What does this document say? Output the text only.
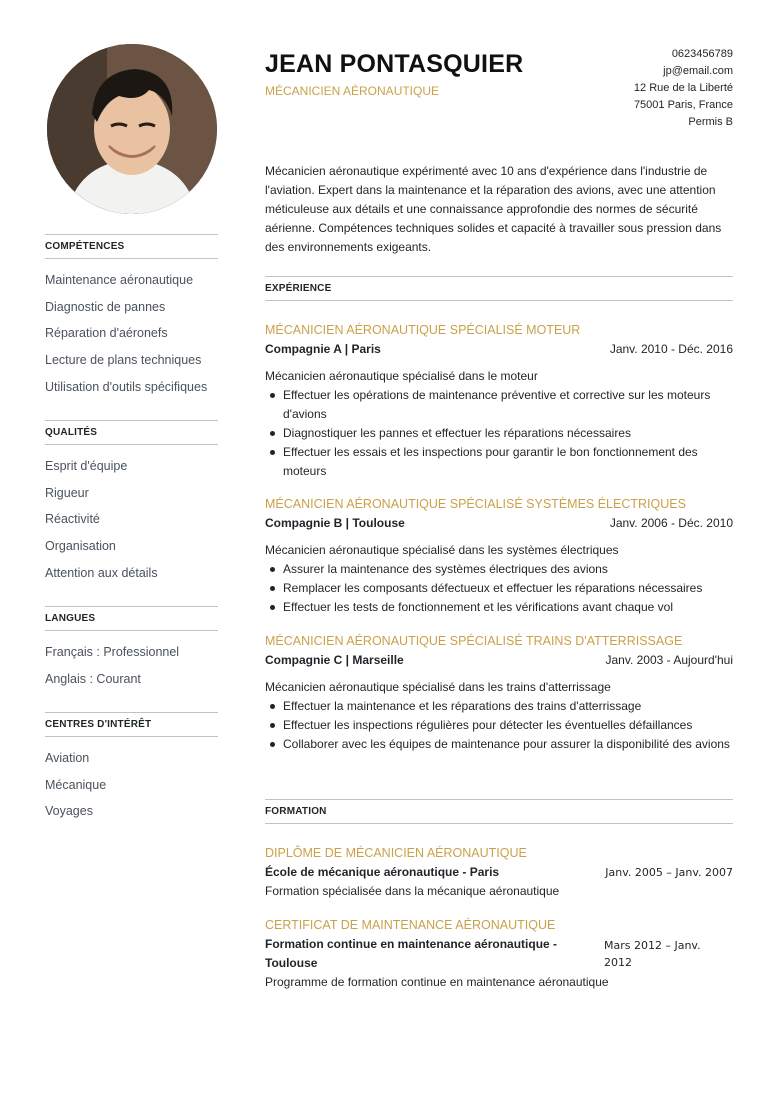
COMPÉTENCES
Maintenance aéronautique
Diagnostic de pannes
Réparation d'aéronefs
Lecture de plans techniques
Utilisation d'outils spécifiques
QUALITÉS
Esprit d'équipe
Rigueur
Réactivité
Organisation
Attention aux détails
LANGUES
Français : Professionnel
Anglais : Courant
CENTRES D'INTÉRÊT
Aviation
Mécanique
Voyages
JEAN PONTASQUIER
MÉCANICIEN AÉRONAUTIQUE
0623456789
jp@email.com
12 Rue de la Liberté
75001 Paris, France
Permis B

Mécanicien aéronautique expérimenté avec 10 ans d'expérience dans l'industrie de l'aviation. Expert dans la maintenance et la réparation des avions, avec une attention méticuleuse aux détails et une connaissance approfondie des normes de sécurité aérienne. Compétences techniques solides et capacité à travailler sous pression dans des environnements exigeants.

EXPÉRIENCE
MÉCANICIEN AÉRONAUTIQUE SPÉCIALISÉ MOTEUR
Compagnie A | Paris	Janv. 2010 - Déc. 2016
Mécanicien aéronautique spécialisé dans le moteur
Effectuer les opérations de maintenance préventive et corrective sur les moteurs d'avions
Diagnostiquer les pannes et effectuer les réparations nécessaires
Effectuer les essais et les inspections pour garantir le bon fonctionnement des moteurs
MÉCANICIEN AÉRONAUTIQUE SPÉCIALISÉ SYSTÈMES ÉLECTRIQUES
Compagnie B | Toulouse	Janv. 2006 - Déc. 2010
Mécanicien aéronautique spécialisé dans les systèmes électriques
Assurer la maintenance des systèmes électriques des avions
Remplacer les composants défectueux et effectuer les réparations nécessaires
Effectuer les tests de fonctionnement et les vérifications avant chaque vol
MÉCANICIEN AÉRONAUTIQUE SPÉCIALISÉ TRAINS D'ATTERRISSAGE
Compagnie C | Marseille	Janv. 2003 - Aujourd'hui
Mécanicien aéronautique spécialisé dans les trains d'atterrissage
Effectuer la maintenance et les réparations des trains d'atterrissage
Effectuer les inspections régulières pour détecter les éventuelles défaillances
Collaborer avec les équipes de maintenance pour assurer la disponibilité des avions
FORMATION
DIPLÔME DE MÉCANICIEN AÉRONAUTIQUE
École de mécanique aéronautique - Paris	Janv. 2005 – Janv. 2007
Formation spécialisée dans la mécanique aéronautique
CERTIFICAT DE MAINTENANCE AÉRONAUTIQUE
Formation continue en maintenance aéronautique - Toulouse
Mars 2012 – Janv. 2012
Programme de formation continue en maintenance aéronautique
